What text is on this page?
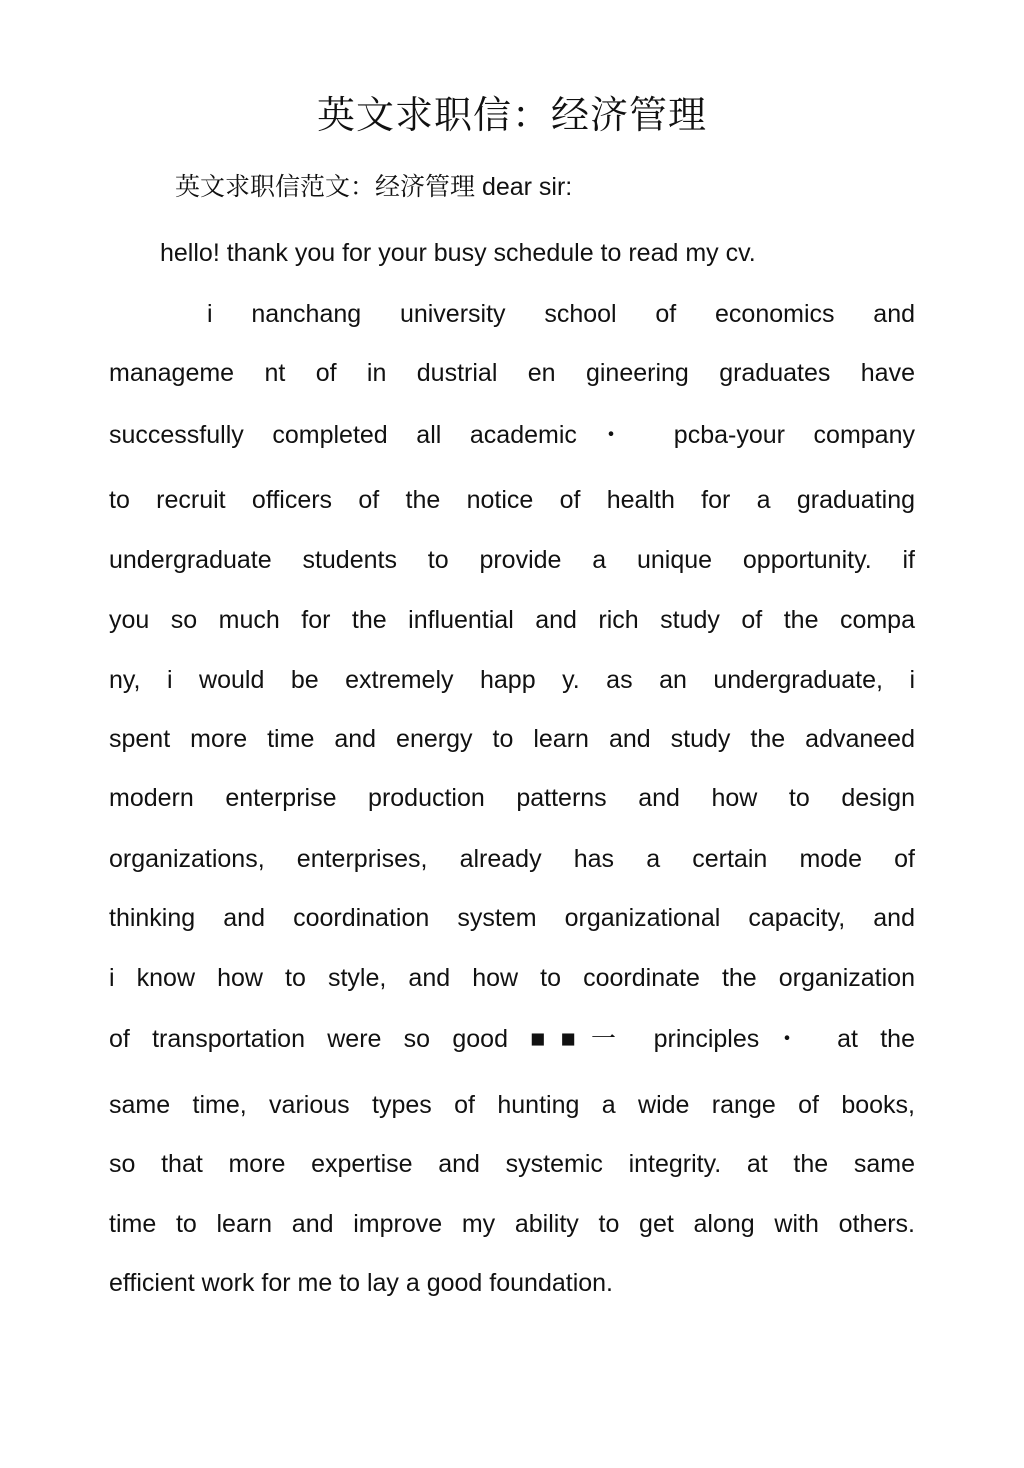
英文求职信：经济管理
英文求职信范文：经济管理 dear sir:
hello! thank you for your busy schedule to read my cv.
i nanchang university school of economics and
manageme nt of in dustrial en gineering graduates have
successfully completed all academic・ pcba-your company
to recruit officers of the notice of health for a graduating
undergraduate students to provide a unique opportunity. if
you so much for the influential and rich study of the compa
ny, i would be extremely happ y. as an undergraduate, i
spent more time and energy to learn and study the advaneed
modern enterprise production patterns and how to design
organizations, enterprises, already has a certain mode of
thinking and coordination system organizational capacity, and
i know how to style, and how to coordinate the organization
of transportation were so good ■■一 principles・ at the
same time, various types of hunting a wide range of books,
so that more expertise and systemic integrity. at the same
time to learn and improve my ability to get along with others.
efficient work for me to lay a good foundation.
